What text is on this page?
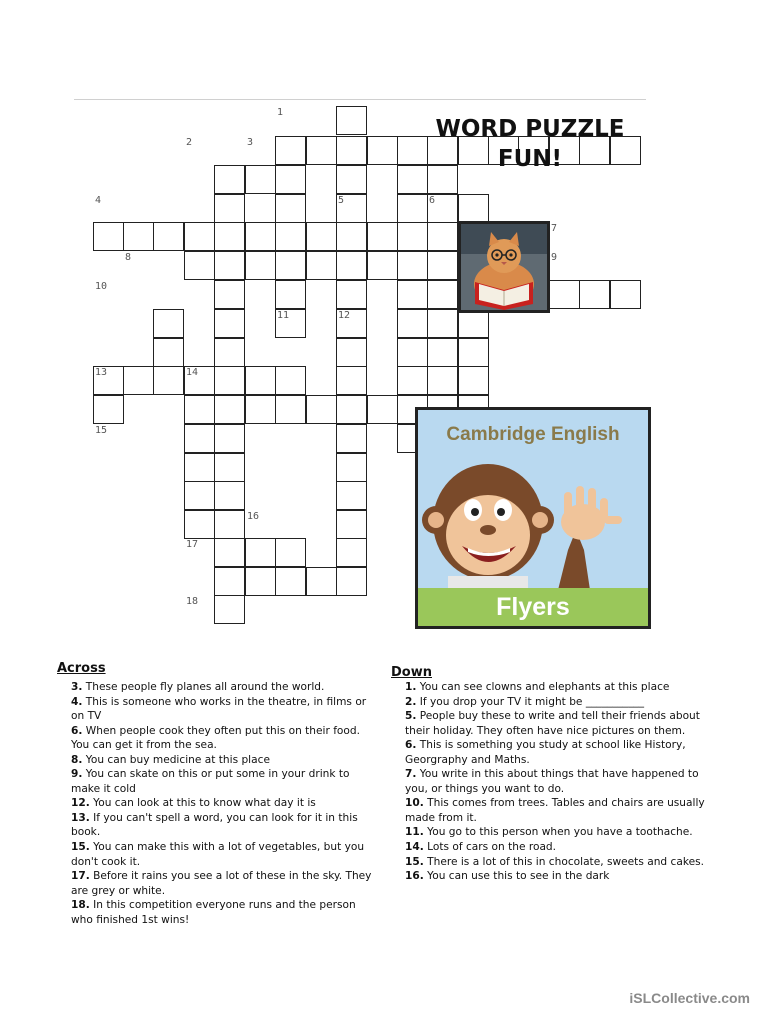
1
2	3
4	5	6
7
8	9
10
11	12
13	14
15
16
17
18
WORD PUZZLE
FUN!
Cambridge English
Flyers
Across

3. These people fly planes all around the world.

4. This is someone who works in the theatre, in films or on TV

6. When people cook they often put this on their food. You can get it from the sea.

8. You can buy medicine at this place

9. You can skate on this or put some in your drink to make it cold

12. You can look at this to know what day it is

13. If you can't spell a word, you can look for it in this book.

15. You can make this with a lot of vegetables, but you don't cook it.

17. Before it rains you see a lot of these in the sky. They are grey or white.

18. In this competition everyone runs and the person who finished 1st wins!

Down

1. You can see clowns and elephants at this place

2. If you drop your TV it might be ___________

5. People buy these to write and tell their friends about their holiday. They often have nice pictures on them.

6. This is something you study at school like History, Georgraphy and Maths.

7. You write in this about things that have happened to you, or things you want to do.

10. This comes from trees. Tables and chairs are usually made from it.

11. You go to this person when you have a toothache.

14. Lots of cars on the road.

15. There is a lot of this in chocolate, sweets and cakes.

16. You can use this to see in the dark

iSLCollective.com
